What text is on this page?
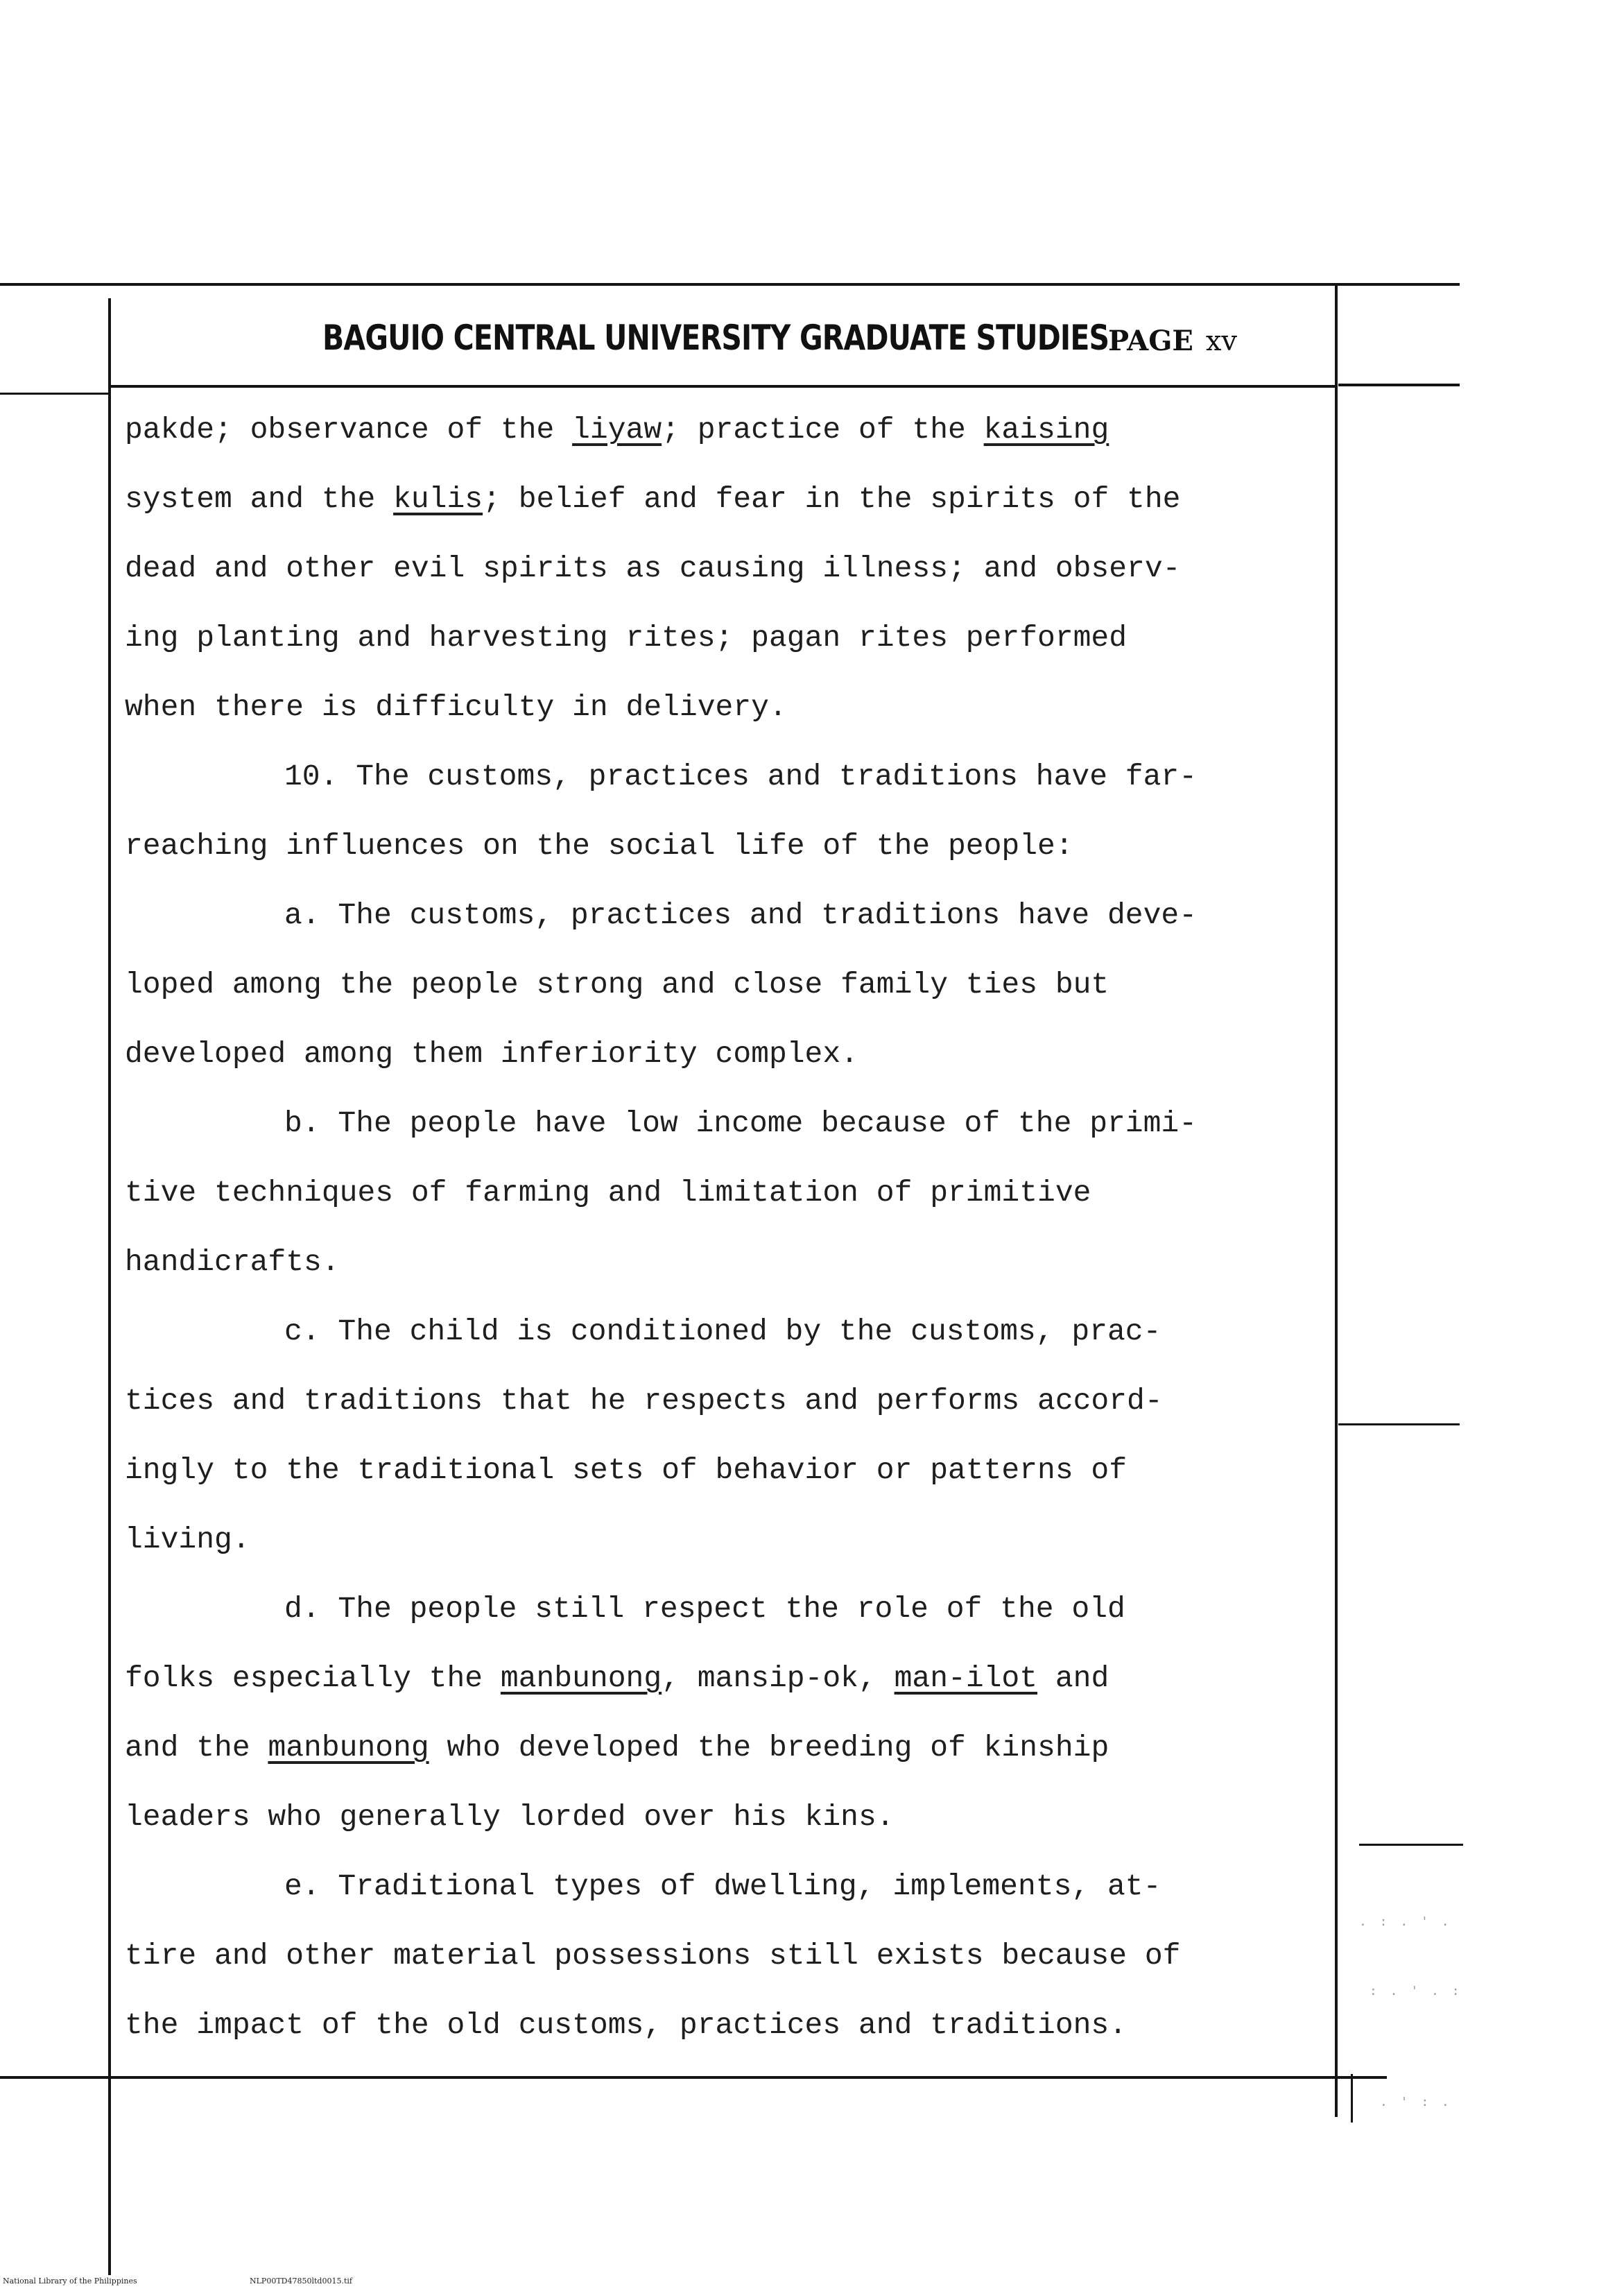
. : . ' .
: . ' . :
. ' : .
BAGUIO CENTRAL UNIVERSITY GRADUATE STUDIES
PAGE xv
pakde; observance of the liyaw; practice of the kaising
system and the kulis; belief and fear in the spirits of the
dead and other evil spirits as causing illness; and observ-
ing planting and harvesting rites; pagan rites performed
when there is difficulty in delivery.
10. The customs, practices and traditions have far-
reaching influences on the social life of the people:
a. The customs, practices and traditions have deve-
loped among the people strong and close family ties but
developed among them inferiority complex.
b. The people have low income because of the primi-
tive techniques of farming and limitation of primitive
handicrafts.
c. The child is conditioned by the customs, prac-
tices and traditions that he respects and performs accord-
ingly to the traditional sets of behavior or patterns of
living.
d. The people still respect the role of the old
folks especially the manbunong, mansip-ok, man-ilot and
and the manbunong who developed the breeding of kinship
leaders who generally lorded over his kins.
e. Traditional types of dwelling, implements, at-
tire and other material possessions still exists because of
the impact of the old customs, practices and traditions.
National Library of the Philippines	NLP00TD47850ltd0015.tif
